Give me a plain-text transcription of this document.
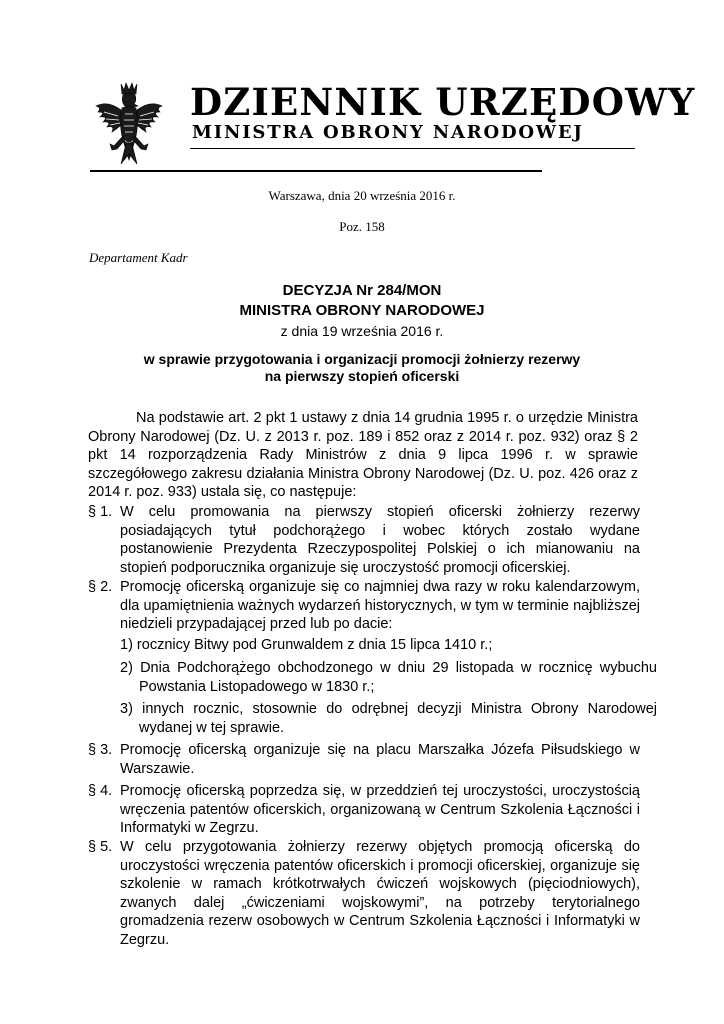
DZIENNIK URZĘDOWY
MINISTRA OBRONY NARODOWEJ
Warszawa, dnia 20 września 2016 r.
Poz. 158
Departament Kadr
DECYZJA Nr 284/MON
MINISTRA OBRONY NARODOWEJ
z dnia 19 września 2016 r.
w sprawie przygotowania i organizacji promocji żołnierzy rezerwy
na pierwszy stopień oficerski
Na podstawie art. 2 pkt 1 ustawy z dnia 14 grudnia 1995 r. o urzędzie Ministra Obrony Narodowej (Dz. U. z 2013 r. poz. 189 i 852 oraz z 2014 r. poz. 932) oraz § 2 pkt 14 rozporządzenia Rady Ministrów z dnia 9 lipca 1996 r. w sprawie szczegółowego zakresu działania Ministra Obrony Narodowej (Dz. U. poz. 426 oraz z 2014 r. poz. 933) ustala się, co następuje:
§ 1. W celu promowania na pierwszy stopień oficerski żołnierzy rezerwy posiadających tytuł podchorążego i wobec których zostało wydane postanowienie Prezydenta Rzeczypospolitej Polskiej o ich mianowaniu na stopień podporucznika organizuje się uroczystość promocji oficerskiej.
§ 2. Promocję oficerską organizuje się co najmniej dwa razy w roku kalendarzowym, dla upamiętnienia ważnych wydarzeń historycznych, w tym w terminie najbliższej niedzieli przypadającej przed lub po dacie:
1) rocznicy Bitwy pod Grunwaldem z dnia 15 lipca 1410 r.;
2) Dnia Podchorążego obchodzonego w dniu 29 listopada w rocznicę wybuchu Powstania Listopadowego w 1830 r.;
3) innych rocznic, stosownie do odrębnej decyzji Ministra Obrony Narodowej wydanej w tej sprawie.
§ 3. Promocję oficerską organizuje się na placu Marszałka Józefa Piłsudskiego w Warszawie.
§ 4. Promocję oficerską poprzedza się, w przeddzień tej uroczystości, uroczystością wręczenia patentów oficerskich, organizowaną w Centrum Szkolenia Łączności i Informatyki w Zegrzu.
§ 5. W celu przygotowania żołnierzy rezerwy objętych promocją oficerską do uroczystości wręczenia patentów oficerskich i promocji oficerskiej, organizuje się szkolenie w ramach krótkotrwałych ćwiczeń wojskowych (pięciodniowych), zwanych dalej „ćwiczeniami wojskowymi”, na potrzeby terytorialnego gromadzenia rezerw osobowych w Centrum Szkolenia Łączności i Informatyki w Zegrzu.
